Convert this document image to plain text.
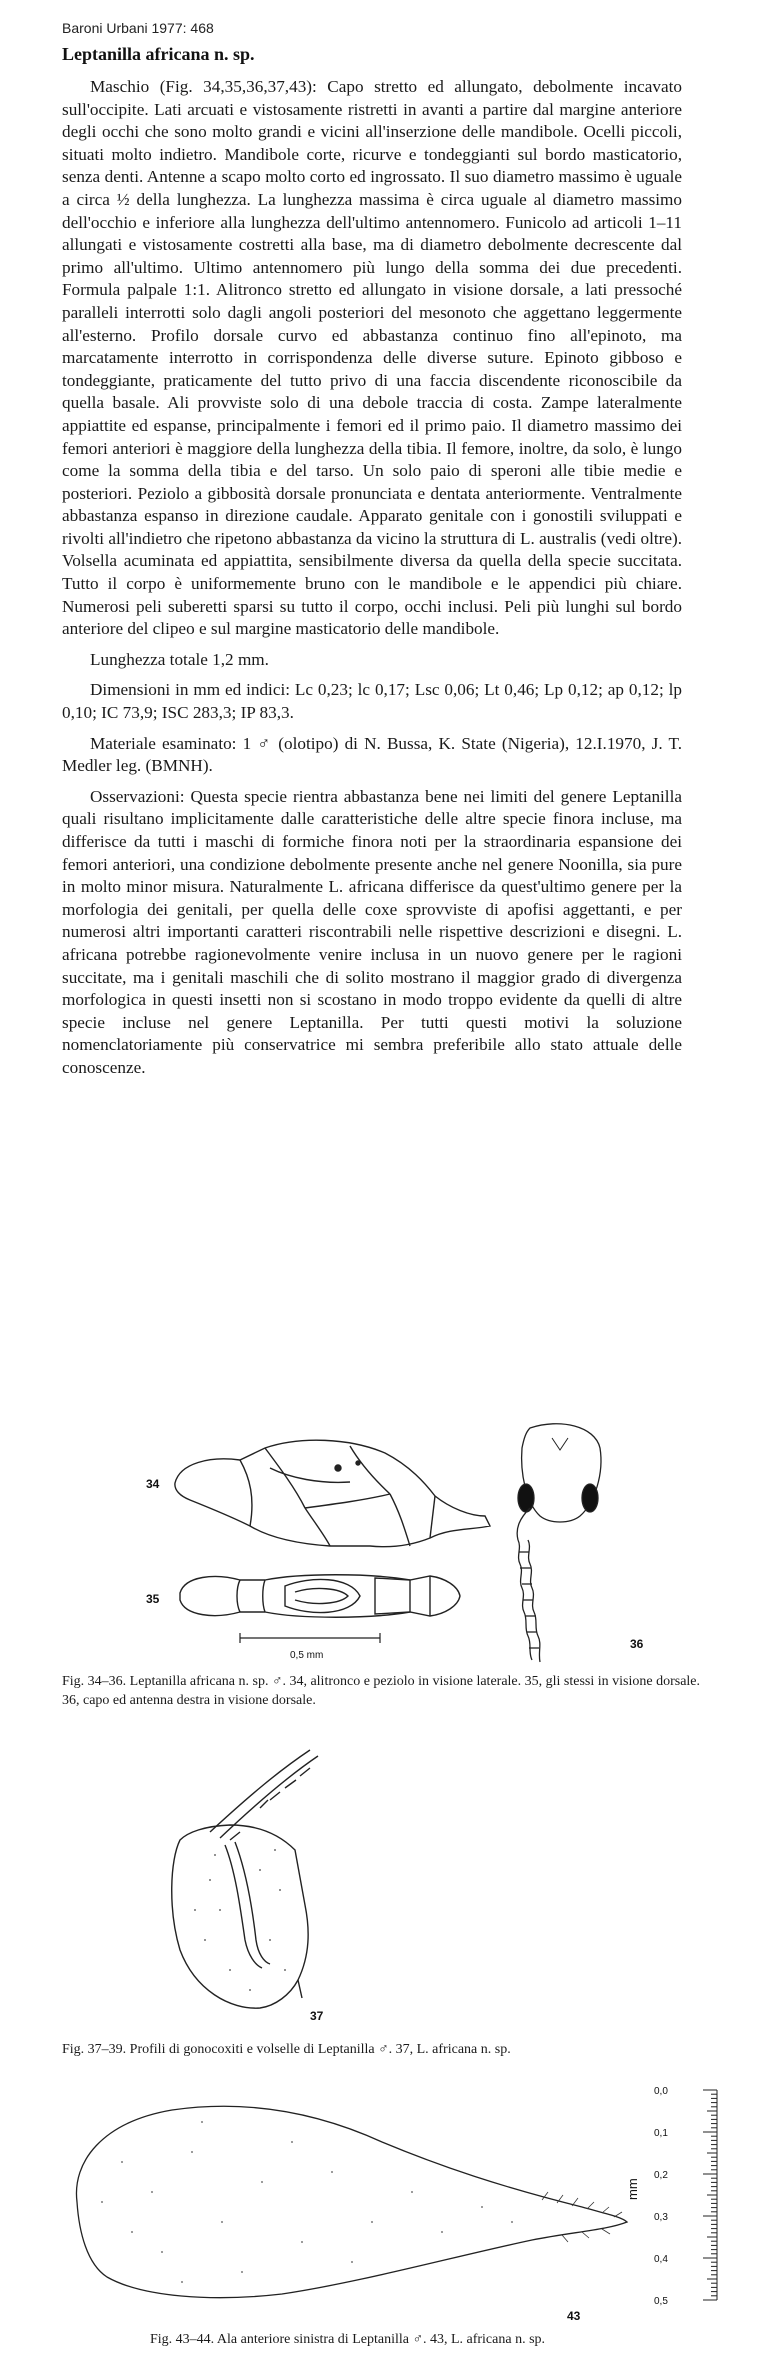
Baroni Urbani 1977: 468
Leptanilla africana n. sp.

Maschio (Fig. 34,35,36,37,43): Capo stretto ed allungato, debolmente incavato sull'occipite. Lati arcuati e vistosamente ristretti in avanti a partire dal margine anteriore degli occhi che sono molto grandi e vicini all'inserzione delle mandibole. Ocelli piccoli, situati molto indietro. Mandibole corte, ricurve e tondeggianti sul bordo masticatorio, senza denti. Antenne a scapo molto corto ed ingrossato. Il suo diametro massimo è uguale a circa ½ della lunghezza. La lunghezza massima è circa uguale al diametro massimo dell'occhio e inferiore alla lunghezza dell'ultimo antennomero. Funicolo ad articoli 1–11 allungati e vistosamente costretti alla base, ma di diametro debolmente decrescente dal primo all'ultimo. Ultimo antennomero più lungo della somma dei due precedenti. Formula palpale 1:1. Alitronco stretto ed allungato in visione dorsale, a lati pressoché paralleli interrotti solo dagli angoli posteriori del mesonoto che aggettano leggermente all'esterno. Profilo dorsale curvo ed abbastanza continuo fino all'epinoto, ma marcatamente interrotto in corrispondenza delle diverse suture. Epinoto gibboso e tondeggiante, praticamente del tutto privo di una faccia discendente riconoscibile da quella basale. Ali provviste solo di una debole traccia di costa. Zampe lateralmente appiattite ed espanse, principalmente i femori ed il primo paio. Il diametro massimo dei femori anteriori è maggiore della lunghezza della tibia. Il femore, inoltre, da solo, è lungo come la somma della tibia e del tarso. Un solo paio di speroni alle tibie medie e posteriori. Peziolo a gibbosità dorsale pronunciata e dentata anteriormente. Ventralmente abbastanza espanso in direzione caudale. Apparato genitale con i gonostili sviluppati e rivolti all'indietro che ripetono abbastanza da vicino la struttura di L. australis (vedi oltre). Volsella acuminata ed appiattita, sensibilmente diversa da quella della specie succitata. Tutto il corpo è uniformemente bruno con le mandibole e le appendici più chiare. Numerosi peli suberetti sparsi su tutto il corpo, occhi inclusi. Peli più lunghi sul bordo anteriore del clipeo e sul margine masticatorio delle mandibole.

Lunghezza totale 1,2 mm.

Dimensioni in mm ed indici: Lc 0,23; lc 0,17; Lsc 0,06; Lt 0,46; Lp 0,12; ap 0,12; lp 0,10; IC 73,9; ISC 283,3; IP 83,3.

Materiale esaminato: 1 ♂ (olotipo) di N. Bussa, K. State (Nigeria), 12.I.1970, J. T. Medler leg. (BMNH).

Osservazioni: Questa specie rientra abbastanza bene nei limiti del genere Leptanilla quali risultano implicitamente dalle caratteristiche delle altre specie finora incluse, ma differisce da tutti i maschi di formiche finora noti per la straordinaria espansione dei femori anteriori, una condizione debolmente presente anche nel genere Noonilla, sia pure in molto minor misura. Naturalmente L. africana differisce da quest'ultimo genere per la morfologia dei genitali, per quella delle coxe sprovviste di apofisi aggettanti, e per numerosi altri importanti caratteri riscontrabili nelle rispettive descrizioni e disegni. L. africana potrebbe ragionevolmente venire inclusa in un nuovo genere per le ragioni succitate, ma i genitali maschili che di solito mostrano il maggior grado di divergenza morfologica in questi insetti non si scostano in modo troppo evidente da quelli di altre specie incluse nel genere Leptanilla. Per tutti questi motivi la soluzione nomenclatoriamente più conservatrice mi sembra preferibile allo stato attuale delle conoscenze.

34
35
0,5 mm
36
Fig. 34–36. Leptanilla africana n. sp. ♂. 34, alitronco e peziolo in visione laterale. 35, gli stessi in visione dorsale. 36, capo ed antenna destra in visione dorsale.
37
Fig. 37–39. Profili di gonocoxiti e volselle di Leptanilla ♂. 37, L. africana n. sp.
43
0,0
0,1
0,2
0,3
0,4
0,5
mm
Fig. 43–44. Ala anteriore sinistra di Leptanilla ♂. 43, L. africana n. sp.
